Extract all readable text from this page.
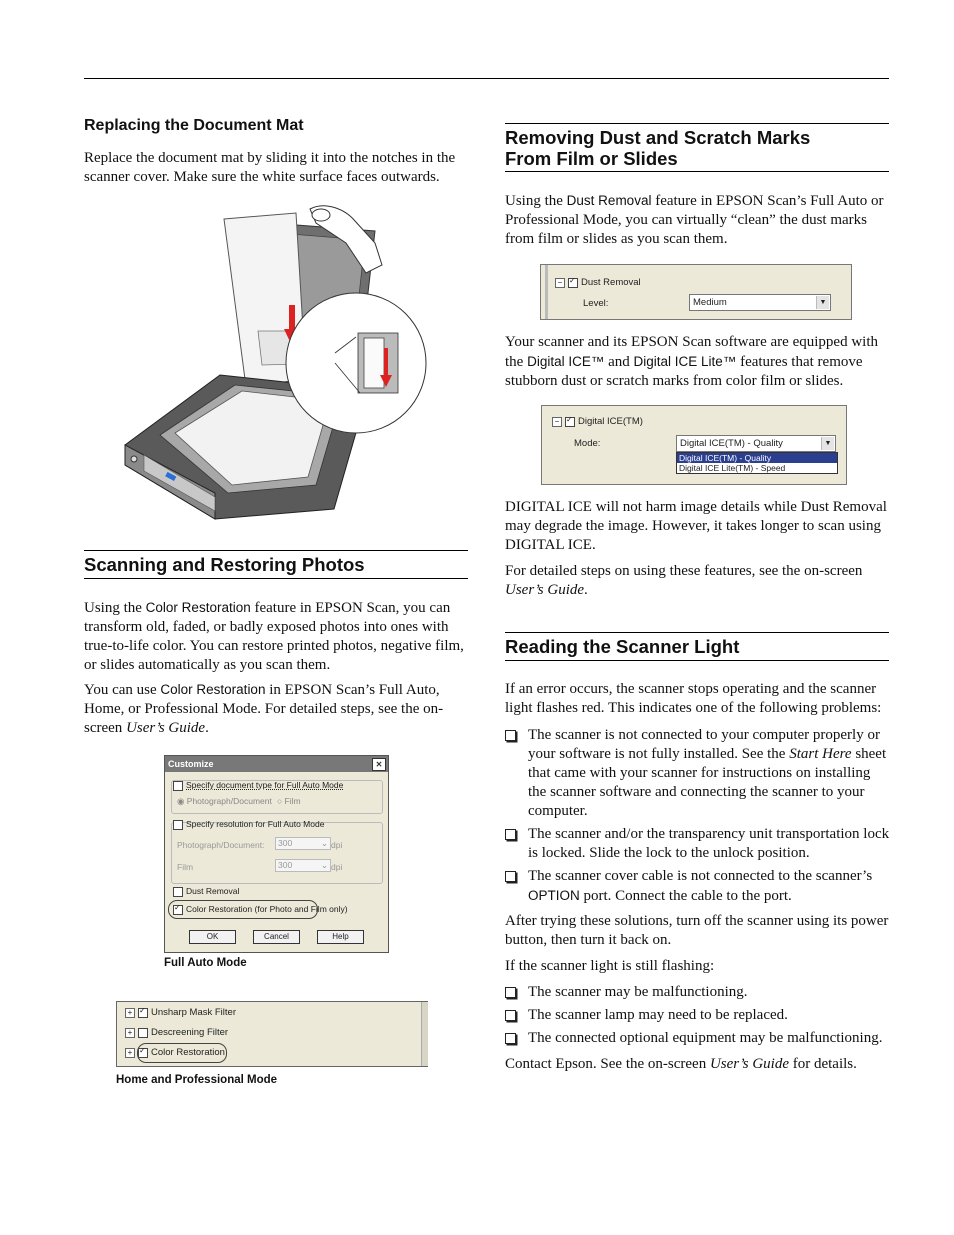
Replacing the Document Mat

Replace the document mat by sliding it into the notches in the scanner cover. Make sure the white surface faces outwards.

Scanning and Restoring Photos

Using the Color Restoration feature in EPSON Scan, you can transform old, faded, or badly exposed photos into ones with true-to-life color. You can restore printed photos, negative film, or slides automatically as you scan them.

You can use Color Restoration in EPSON Scan’s Full Auto, Home, or Professional Mode. For detailed steps, see the on-screen User’s Guide.

Customize	✕
Specify document type for Full Auto Mode
◉ Photograph/Document ○ Film
Specify resolution for Full Auto Mode
Photograph/Document:	300	⌄ dpi
Film	300	⌄ dpi
Dust Removal
✓Color Restoration (for Photo and Film only)
OK	Cancel	Help
Full Auto Mode
+ ✓ Unsharp Mask Filter
+ Descreening Filter
+ ✓ Color Restoration
Home and Professional Mode
Removing Dust and Scratch Marks
From Film or Slides

Using the Dust Removal feature in EPSON Scan’s Full Auto or Professional Mode, you can virtually “clean” the dust marks from film or slides as you scan them.

− ✓ Dust Removal
Level:	Medium	▼

Your scanner and its EPSON Scan software are equipped with the Digital ICE™ and Digital ICE Lite™ features that remove stubborn dust or scratch marks from color film or slides.

− ✓ Digital ICE(TM)
Mode:	Digital ICE(TM) - Quality	▼
Digital ICE(TM) - Quality
Digital ICE Lite(TM) - Speed

DIGITAL ICE will not harm image details while Dust Removal may degrade the image. However, it takes longer to scan using DIGITAL ICE.

For detailed steps on using these features, see the on-screen User’s Guide.

Reading the Scanner Light

If an error occurs, the scanner stops operating and the scanner light flashes red. This indicates one of the following problems:

The scanner is not connected to your computer properly or your software is not fully installed. See the Start Here sheet that came with your scanner for instructions on installing the scanner software and connecting the scanner to your computer.
The scanner and/or the transparency unit transportation lock is locked. Slide the lock to the unlock position.
The scanner cover cable is not connected to the scanner’s OPTION port. Connect the cable to the port.

After trying these solutions, turn off the scanner using its power button, then turn it back on.

If the scanner light is still flashing:

The scanner may be malfunctioning.
The scanner lamp may need to be replaced.
The connected optional equipment may be malfunctioning.

Contact Epson. See the on-screen User’s Guide for details.
